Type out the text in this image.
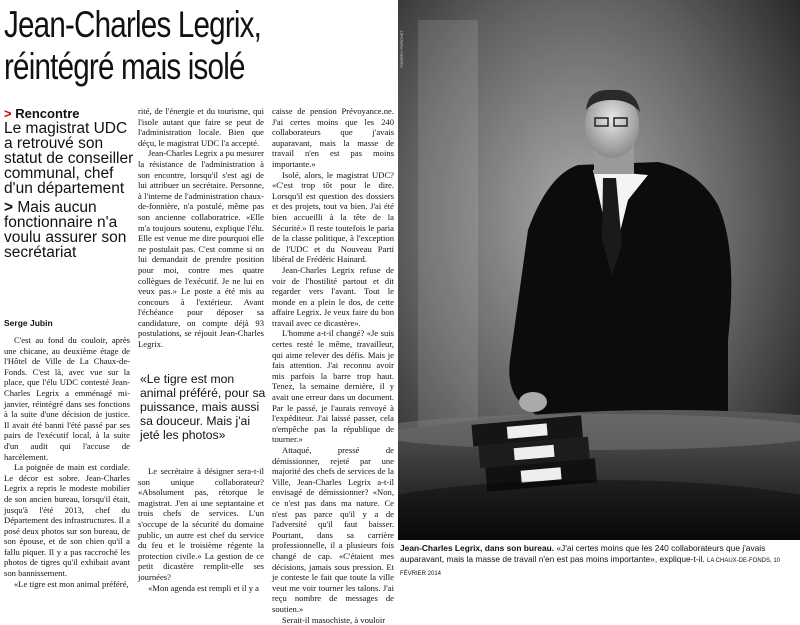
Jean-Charles Legrix,
réintégré mais isolé
> Rencontre
Le magistrat UDC a retrouvé son statut de conseiller communal, chef d'un département
> Mais aucun fonctionnaire n'a voulu assurer son secrétariat
Serge Jubin

C'est au fond du couloir, après une chicane, au deuxième étage de l'Hôtel de Ville de La Chaux-de-Fonds. C'est là, avec vue sur la place, que l'élu UDC contesté Jean-Charles Legrix a emménagé mi-janvier, réintégré dans ses fonctions à la suite d'une décision de justice. Il avait été banni l'été passé par ses pairs de l'exécutif local, à la suite d'un audit qui l'accuse de harcèlement.

La poignée de main est cordiale. Le décor est sobre. Jean-Charles Legrix a repris le modeste mobilier de son ancien bureau, lorsqu'il était, jusqu'à l'été 2013, chef du Département des infrastructures. Il a posé deux photos sur son bureau, de son épouse, et de son chien qu'il a fallu piquer. Il y a pas raccroché les photos de tigres qu'il exhibait avant son bannissement.

«Le tigre est mon animal préféré,

rité, de l'énergie et du tourisme, qui l'isole autant que faire se peut de l'administration locale. Bien que déçu, le magistrat UDC l'a accepté.

Jean-Charles Legrix a pu mesurer la résistance de l'administration à son encontre, lorsqu'il s'est agi de lui attribuer un secrétaire. Personne, à l'interne de l'administration chaux-de-fonnière, n'a postulé, même pas son ancienne collaboratrice. «Elle m'a toujours soutenu, explique l'élu. Elle est venue me dire pourquoi elle ne postulait pas. C'est comme si on lui demandait de prendre position pour moi, contre mes quatre collègues de l'exécutif. Je ne lui en veux pas.» Le poste a été mis au concours à l'extérieur. Avant l'échéance pour déposer sa candidature, on compte déjà 93 postulations, se réjouit Jean-Charles Legrix.

«Le tigre est mon animal préféré, pour sa puissance, mais aussi sa douceur. Mais j'ai jeté les photos»

Le secrétaire à désigner sera-t-il son unique collaborateur? «Absolument pas, rétorque le magistrat. J'en ai une septantaine et trois chefs de services. L'un s'occupe de la sécurité du domaine public, un autre est chef du service du feu et le troisième régente la protection civile.» La gestion de ce petit dicastère remplit-elle ses journées?

«Mon agenda est rempli et il y a

caisse de pension Prévoyance.ne. J'ai certes moins que les 240 collaborateurs que j'avais auparavant, mais la masse de travail n'en est pas moins importante.»

Isolé, alors, le magistrat UDC? «C'est trop tôt pour le dire. Lorsqu'il est question des dossiers et des projets, tout va bien. J'ai été bien accueilli à la tête de la Sécurité.» Il reste toutefois le paria de la classe politique, à l'exception de l'UDC et du Nouveau Parti libéral de Frédéric Hainard.

Jean-Charles Legrix refuse de voir de l'hostilité partout et dit regarder vers l'avant. Tout le monde en a plein le dos, de cette affaire Legrix. Je veux faire du bon travail avec ce dicastère».

L'homme a-t-il changé? «Je suis certes resté le même, travailleur, qui aime relever des défis. Mais je fais attention. J'ai reconnu avoir mis parfois la barre trop haut. Tenez, la semaine dernière, il y avait une erreur dans un document. Par le passé, je l'aurais renvoyé à l'expéditeur. J'ai laissé passer, cela n'empêche pas la république de tourner.»

Attaqué, pressé de démissionner, rejeté par une majorité des chefs de services de la Ville, Jean-Charles Legrix a-t-il envisagé de démissionner? «Non, ce n'est pas dans ma nature. Ce n'est pas parce qu'il y a de l'adversité qu'il faut baisser. Pourtant, dans sa carrière professionnelle, il a plusieurs fois changé de cap. «C'étaient mes décisions, jamais sous pression. Et je conteste le fait que toute la ville veut me voir tourner les talons. J'ai reçu nombre de messages de soutien.»

Serait-il masochiste, à vouloir

THIERRY PORCHET
Jean-Charles Legrix, dans son bureau. «J'ai certes moins que les 240 collaborateurs que j'avais auparavant, mais la masse de travail n'en est pas moins importante», explique-t-il. LA CHAUX-DE-FONDS, 10 FÉVRIER 2014
